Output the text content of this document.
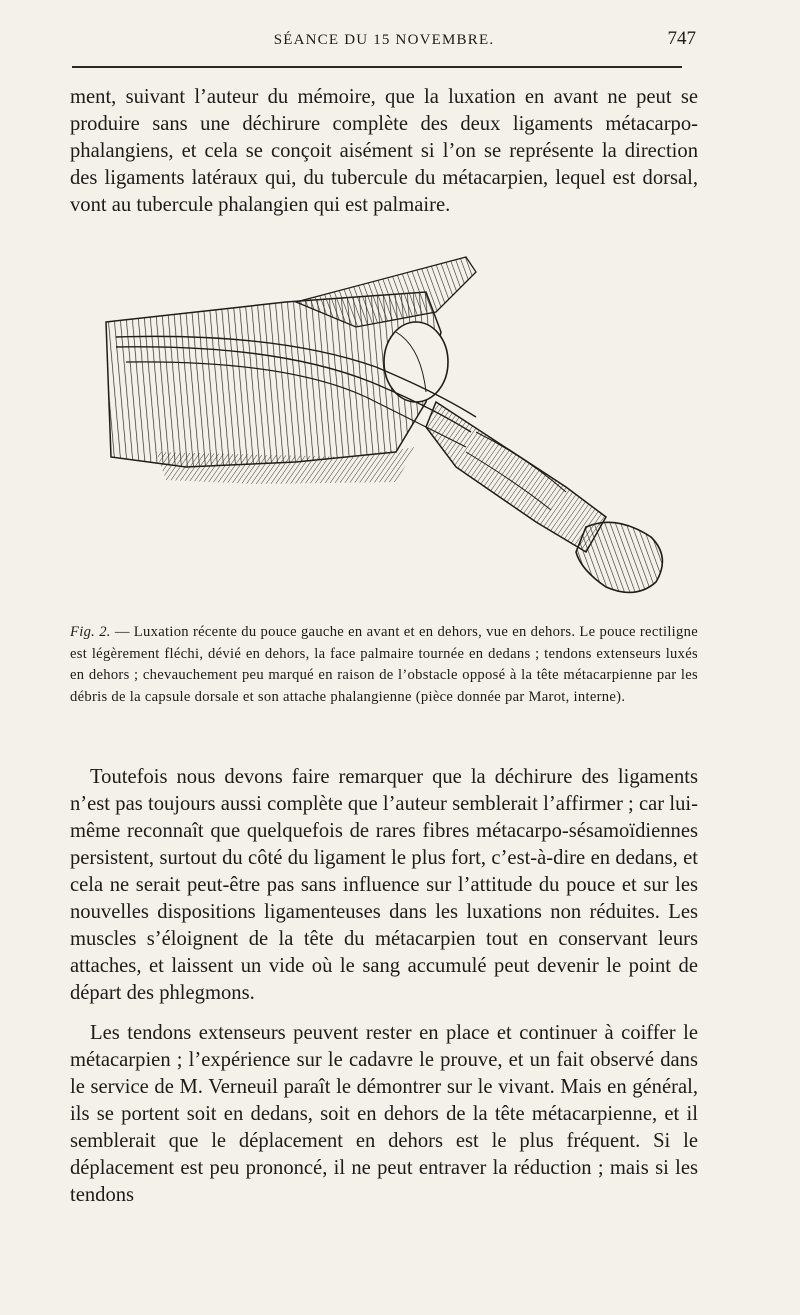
SÉANCE DU 15 NOVEMBRE.	747

ment, suivant l’auteur du mémoire, que la luxation en avant ne peut se produire sans une déchirure complète des deux ligaments métacarpo-phalangiens, et cela se conçoit aisément si l’on se représente la direction des ligaments latéraux qui, du tubercule du métacarpien, lequel est dorsal, vont au tubercule phalangien qui est palmaire.

Fig. 2. — Luxation récente du pouce gauche en avant et en dehors, vue en dehors. Le pouce rectiligne est légèrement fléchi, dévié en dehors, la face palmaire tournée en dedans ; tendons extenseurs luxés en dehors ; chevauchement peu marqué en raison de l’obstacle opposé à la tête métacarpienne par les débris de la capsule dorsale et son attache phalangienne (pièce donnée par Marot, interne).

Toutefois nous devons faire remarquer que la déchirure des ligaments n’est pas toujours aussi complète que l’auteur semblerait l’affirmer ; car lui-même reconnaît que quelquefois de rares fibres métacarpo-sésamoïdiennes persistent, surtout du côté du ligament le plus fort, c’est-à-dire en dedans, et cela ne serait peut-être pas sans influence sur l’attitude du pouce et sur les nouvelles dispositions ligamenteuses dans les luxations non réduites. Les muscles s’éloignent de la tête du métacarpien tout en conservant leurs attaches, et laissent un vide où le sang accumulé peut devenir le point de départ des phlegmons.

Les tendons extenseurs peuvent rester en place et continuer à coiffer le métacarpien ; l’expérience sur le cadavre le prouve, et un fait observé dans le service de M. Verneuil paraît le démontrer sur le vivant. Mais en général, ils se portent soit en dedans, soit en dehors de la tête métacarpienne, et il semblerait que le déplacement en dehors est le plus fréquent. Si le déplacement est peu prononcé, il ne peut entraver la réduction ; mais si les tendons
